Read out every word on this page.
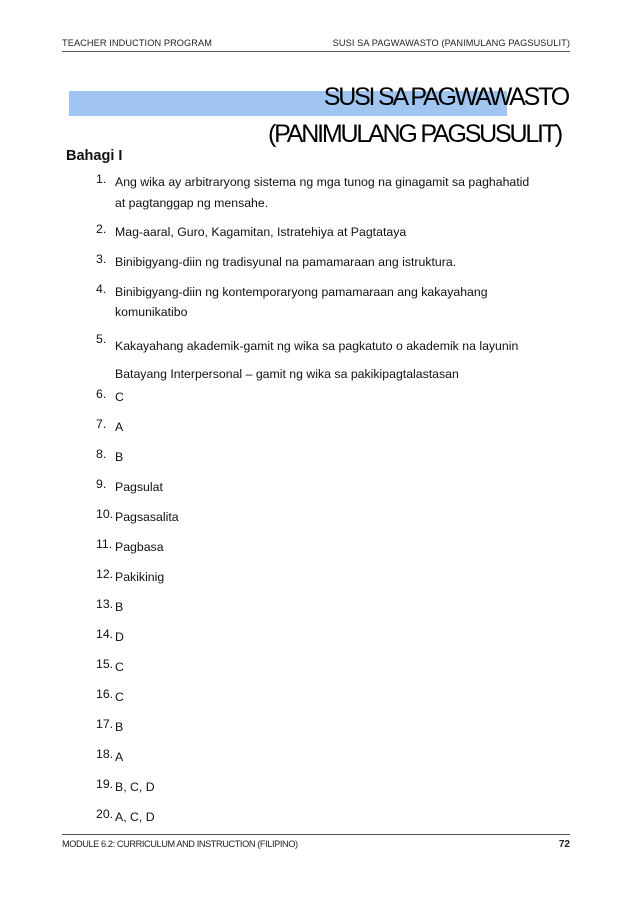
TEACHER INDUCTION PROGRAM	SUSI SA PAGWAWASTO (PANIMULANG PAGSUSULIT)
SUSI SA PAGWAWASTO
(PANIMULANG PAGSUSULIT)
Bahagi I
1. Ang wika ay arbitraryong sistema ng mga tunog na ginagamit sa paghahatid
at pagtanggap ng mensahe.
2. Mag-aaral, Guro, Kagamitan, Istratehiya at Pagtataya
3. Binibigyang-diin ng tradisyunal na pamamaraan ang istruktura.
4. Binibigyang-diin ng kontemporaryong pamamaraan ang kakayahang
komunikatibo
5. Kakayahang akademik-gamit ng wika sa pagkatuto o akademik na layunin
Batayang Interpersonal – gamit ng wika sa pakikipagtalastasan
6. C
7. A
8. B
9. Pagsulat
10. Pagsasalita
11. Pagbasa
12. Pakikinig
13. B
14. D
15. C
16. C
17. B
18. A
19. B, C, D
20. A, C, D
MODULE 6.2: CURRICULUM AND INSTRUCTION (FILIPINO)	72
